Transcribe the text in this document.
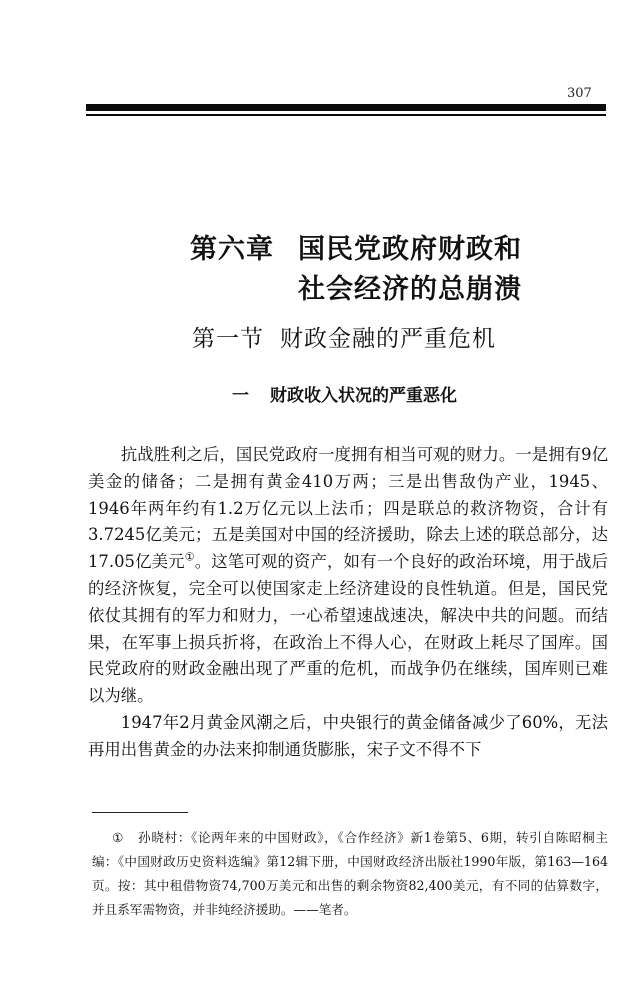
307
第六章 国民党政府财政和
社会经济的总崩溃
第一节 财政金融的严重危机
一 财政收入状况的严重恶化

抗战胜利之后，国民党政府一度拥有相当可观的财力。一是拥有9亿美金的储备；二是拥有黄金410万两；三是出售敌伪产业，1945、1946年两年约有1.2万亿元以上法币；四是联总的救济物资，合计有3.7245亿美元；五是美国对中国的经济援助，除去上述的联总部分，达17.05亿美元①。这笔可观的资产，如有一个良好的政治环境，用于战后的经济恢复，完全可以使国家走上经济建设的良性轨道。但是，国民党依仗其拥有的军力和财力，一心希望速战速决，解决中共的问题。而结果，在军事上损兵折将，在政治上不得人心，在财政上耗尽了国库。国民党政府的财政金融出现了严重的危机，而战争仍在继续，国库则已难以为继。

1947年2月黄金风潮之后，中央银行的黄金储备减少了60%，无法再用出售黄金的办法来抑制通货膨胀，宋子文不得不下

① 孙晓村：《论两年来的中国财政》，《合作经济》新1卷第5、6期，转引自陈昭桐主编：《中国财政历史资料选编》第12辑下册，中国财政经济出版社1990年版，第163—164页。按：其中租借物资74,700万美元和出售的剩余物资82,400美元，有不同的估算数字，并且系军需物资，并非纯经济援助。——笔者。
